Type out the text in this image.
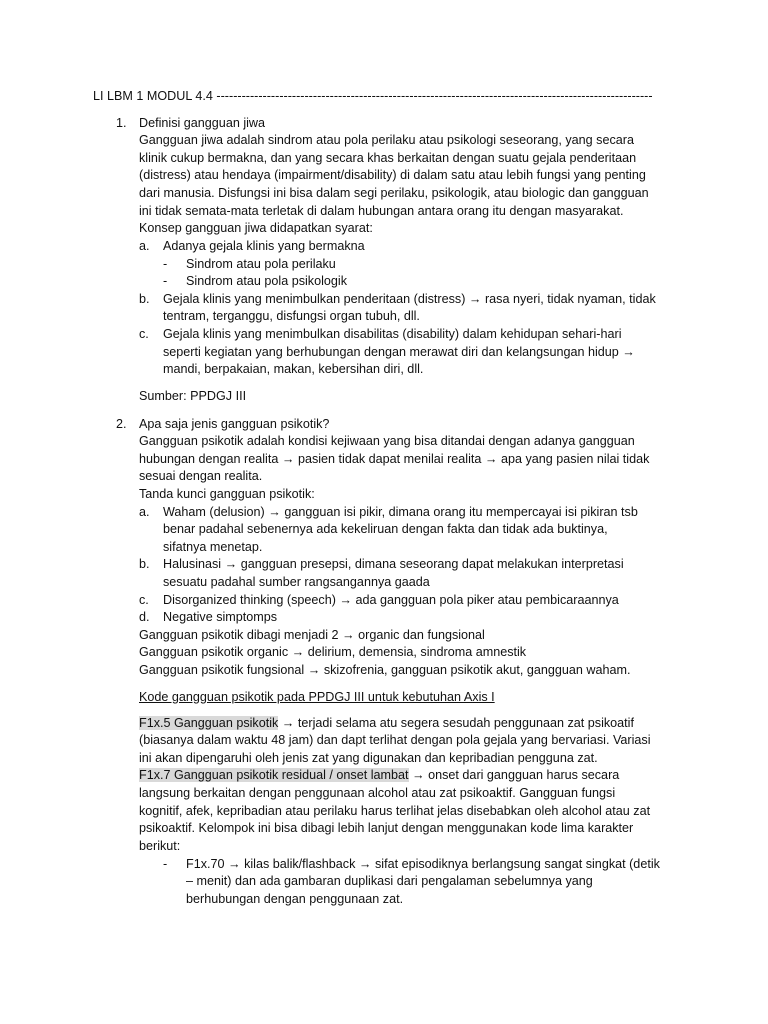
LI LBM 1 MODUL 4.4 --------------------------------------------------------------------------------------------------------
1. Definisi gangguan jiwa
Gangguan jiwa adalah sindrom atau pola perilaku atau psikologi seseorang, yang secara
klinik cukup bermakna, dan yang secara khas berkaitan dengan suatu gejala penderitaan
(distress) atau hendaya (impairment/disability) di dalam satu atau lebih fungsi yang penting
dari manusia. Disfungsi ini bisa dalam segi perilaku, psikologik, atau biologic dan gangguan
ini tidak semata-mata terletak di dalam hubungan antara orang itu dengan masyarakat.
Konsep gangguan jiwa didapatkan syarat:
a. Adanya gejala klinis yang bermakna
- Sindrom atau pola perilaku
- Sindrom atau pola psikologik
b. Gejala klinis yang menimbulkan penderitaan (distress) → rasa nyeri, tidak nyaman, tidak
tentram, terganggu, disfungsi organ tubuh, dll.
c. Gejala klinis yang menimbulkan disabilitas (disability) dalam kehidupan sehari-hari
seperti kegiatan yang berhubungan dengan merawat diri dan kelangsungan hidup →
mandi, berpakaian, makan, kebersihan diri, dll.
Sumber: PPDGJ III
2. Apa saja jenis gangguan psikotik?
Gangguan psikotik adalah kondisi kejiwaan yang bisa ditandai dengan adanya gangguan
hubungan dengan realita → pasien tidak dapat menilai realita → apa yang pasien nilai tidak
sesuai dengan realita.
Tanda kunci gangguan psikotik:
a. Waham (delusion) → gangguan isi pikir, dimana orang itu mempercayai isi pikiran tsb
benar padahal sebenernya ada kekeliruan dengan fakta dan tidak ada buktinya,
sifatnya menetap.
b. Halusinasi → gangguan presepsi, dimana seseorang dapat melakukan interpretasi
sesuatu padahal sumber rangsangannya gaada
c. Disorganized thinking (speech) → ada gangguan pola piker atau pembicaraannya
d. Negative simptomps
Gangguan psikotik dibagi menjadi 2 → organic dan fungsional
Gangguan psikotik organic → delirium, demensia, sindroma amnestik
Gangguan psikotik fungsional → skizofrenia, gangguan psikotik akut, gangguan waham.
Kode gangguan psikotik pada PPDGJ III untuk kebutuhan Axis I
F1x.5 Gangguan psikotik → terjadi selama atu segera sesudah penggunaan zat psikoatif
(biasanya dalam waktu 48 jam) dan dapt terlihat dengan pola gejala yang bervariasi. Variasi
ini akan dipengaruhi oleh jenis zat yang digunakan dan kepribadian pengguna zat.
F1x.7 Gangguan psikotik residual / onset lambat → onset dari gangguan harus secara
langsung berkaitan dengan penggunaan alcohol atau zat psikoaktif. Gangguan fungsi
kognitif, afek, kepribadian atau perilaku harus terlihat jelas disebabkan oleh alcohol atau zat
psikoaktif. Kelompok ini bisa dibagi lebih lanjut dengan menggunakan kode lima karakter
berikut:
- F1x.70 → kilas balik/flashback → sifat episodiknya berlangsung sangat singkat (detik
– menit) dan ada gambaran duplikasi dari pengalaman sebelumnya yang
berhubungan dengan penggunaan zat.
